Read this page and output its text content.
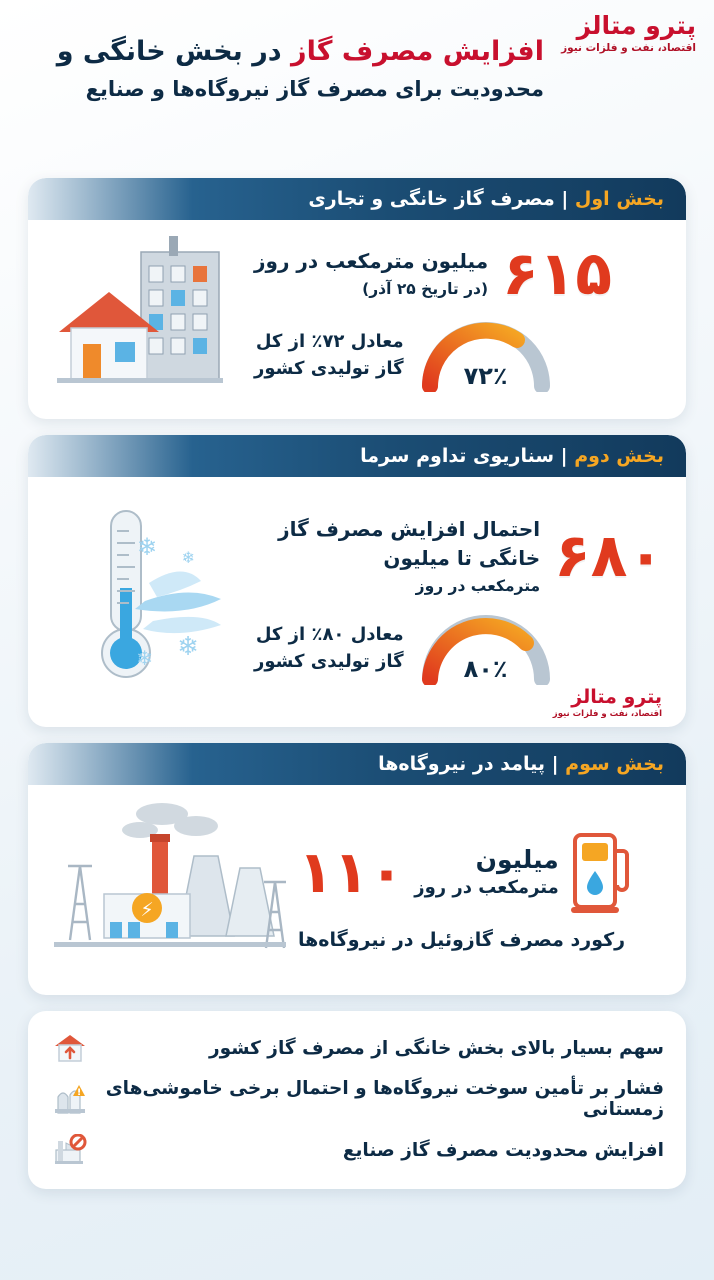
پترو متالز
اقتصاد، نفت و فلزات نیوز
افزایش مصرف گاز در بخش خانگی و
محدودیت برای مصرف گاز نیروگاه‌ها و صنایع
بخش اول | مصرف گاز خانگی و تجاری
۶۱۵
میلیون مترمکعب در روز
(در تاریخ ۲۵ آذر)
۷۲٪
معادل ۷۲٪ از کل
گاز تولیدی کشور
بخش دوم | سناریوی تداوم سرما
❄
❄
❄
❄	۶۸۰
احتمال افزایش مصرف گاز خانگی تا میلیون
مترمکعب در روز
۸۰٪
معادل ۸۰٪ از کل
گاز تولیدی کشور
پترو متالز
اقتصاد، نفت و فلزات نیوز
بخش سوم | پیامد در نیروگاه‌ها
⚡
میلیون
مترمکعب در روز
۱۱۰
رکورد مصرف گازوئیل در نیروگاه‌ها
سهم بسیار بالای بخش خانگی از مصرف گاز کشور
فشار بر تأمین سوخت نیروگاه‌ها و احتمال برخی خاموشی‌های زمستانی
افزایش محدودیت مصرف گاز صنایع
